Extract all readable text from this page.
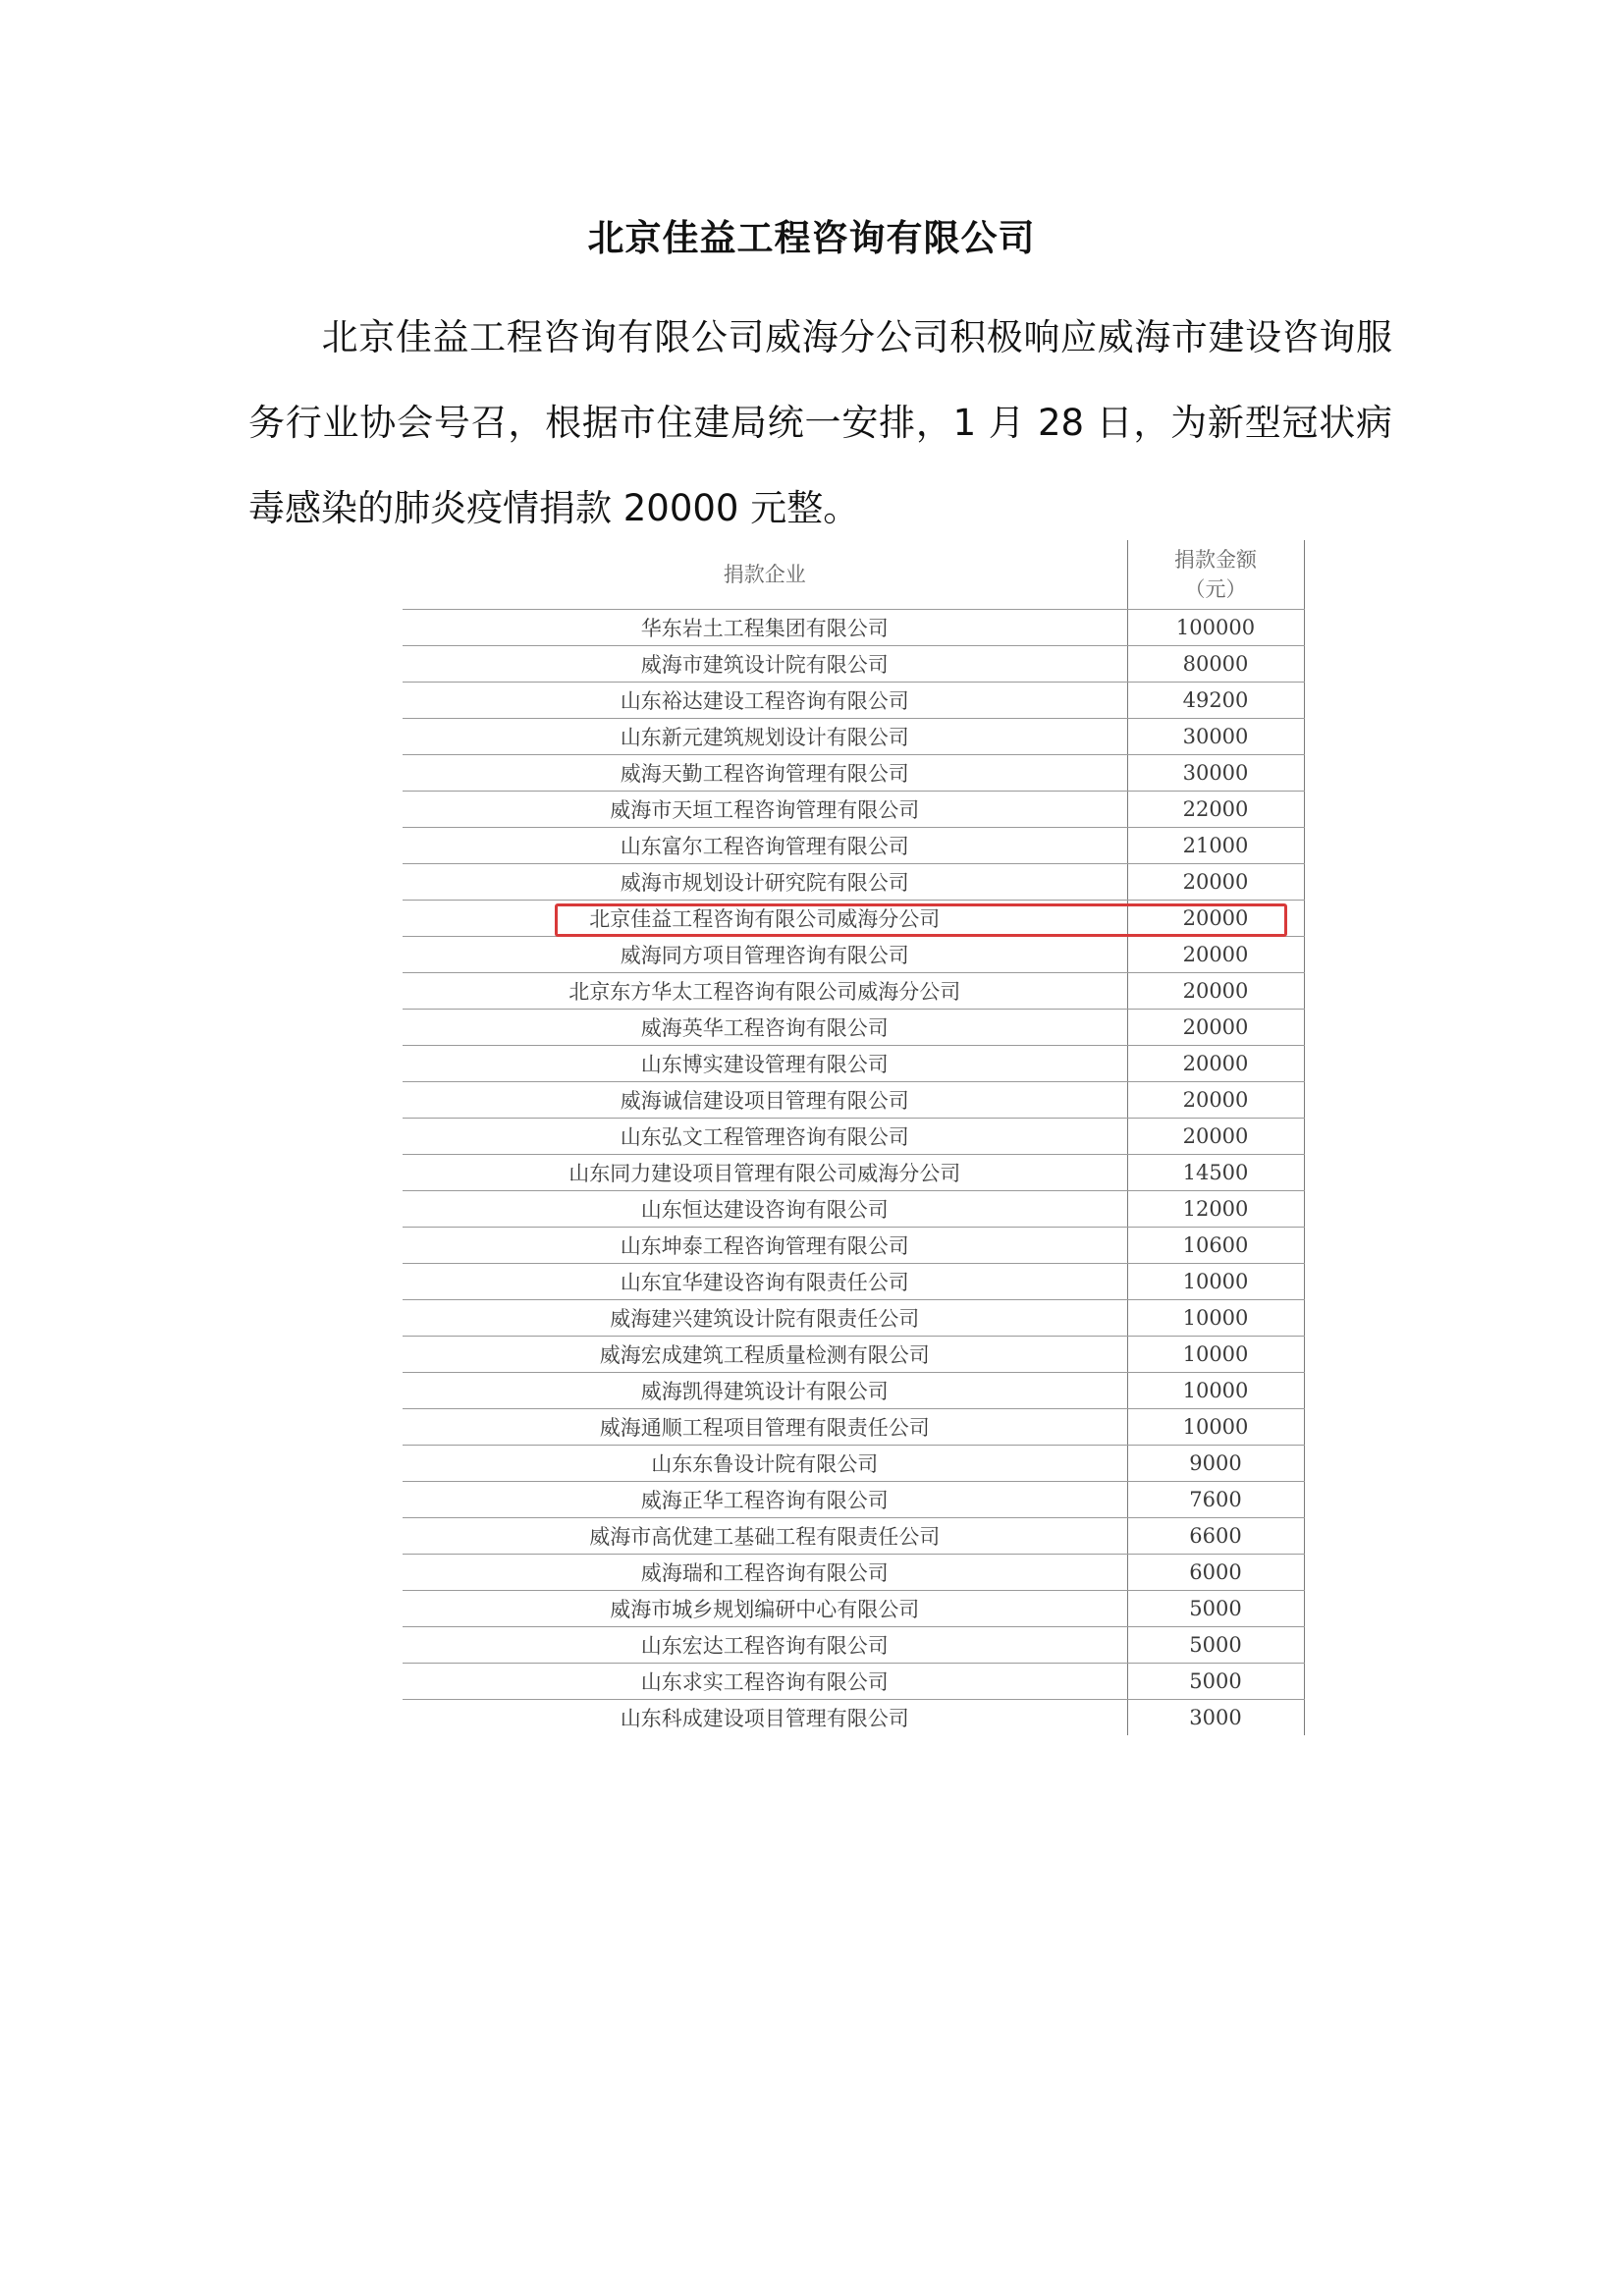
北京佳益工程咨询有限公司
北京佳益工程咨询有限公司威海分公司积极响应威海市建设咨询服务行业协会号召，根据市住建局统一安排，1 月 28 日，为新型冠状病毒感染的肺炎疫情捐款 20000 元整。
捐款企业	捐款金额
（元）	

华东岩土工程集团有限公司	100000	
威海市建筑设计院有限公司	80000	
山东裕达建设工程咨询有限公司	49200	
山东新元建筑规划设计有限公司	30000	
威海天勤工程咨询管理有限公司	30000	
威海市天垣工程咨询管理有限公司	22000	
山东富尔工程咨询管理有限公司	21000	
威海市规划设计研究院有限公司	20000	
北京佳益工程咨询有限公司威海分公司	20000	
威海同方项目管理咨询有限公司	20000	
北京东方华太工程咨询有限公司威海分公司	20000	
威海英华工程咨询有限公司	20000	
山东博实建设管理有限公司	20000	
威海诚信建设项目管理有限公司	20000	
山东弘文工程管理咨询有限公司	20000	
山东同力建设项目管理有限公司威海分公司	14500	
山东恒达建设咨询有限公司	12000	
山东坤泰工程咨询管理有限公司	10600	
山东宜华建设咨询有限责任公司	10000	
威海建兴建筑设计院有限责任公司	10000	
威海宏成建筑工程质量检测有限公司	10000	
威海凯得建筑设计有限公司	10000	
威海通顺工程项目管理有限责任公司	10000	
山东东鲁设计院有限公司	9000	
威海正华工程咨询有限公司	7600	
威海市高优建工基础工程有限责任公司	6600	
威海瑞和工程咨询有限公司	6000	
威海市城乡规划编研中心有限公司	5000	
山东宏达工程咨询有限公司	5000	
山东求实工程咨询有限公司	5000	
山东科成建设项目管理有限公司	3000	
